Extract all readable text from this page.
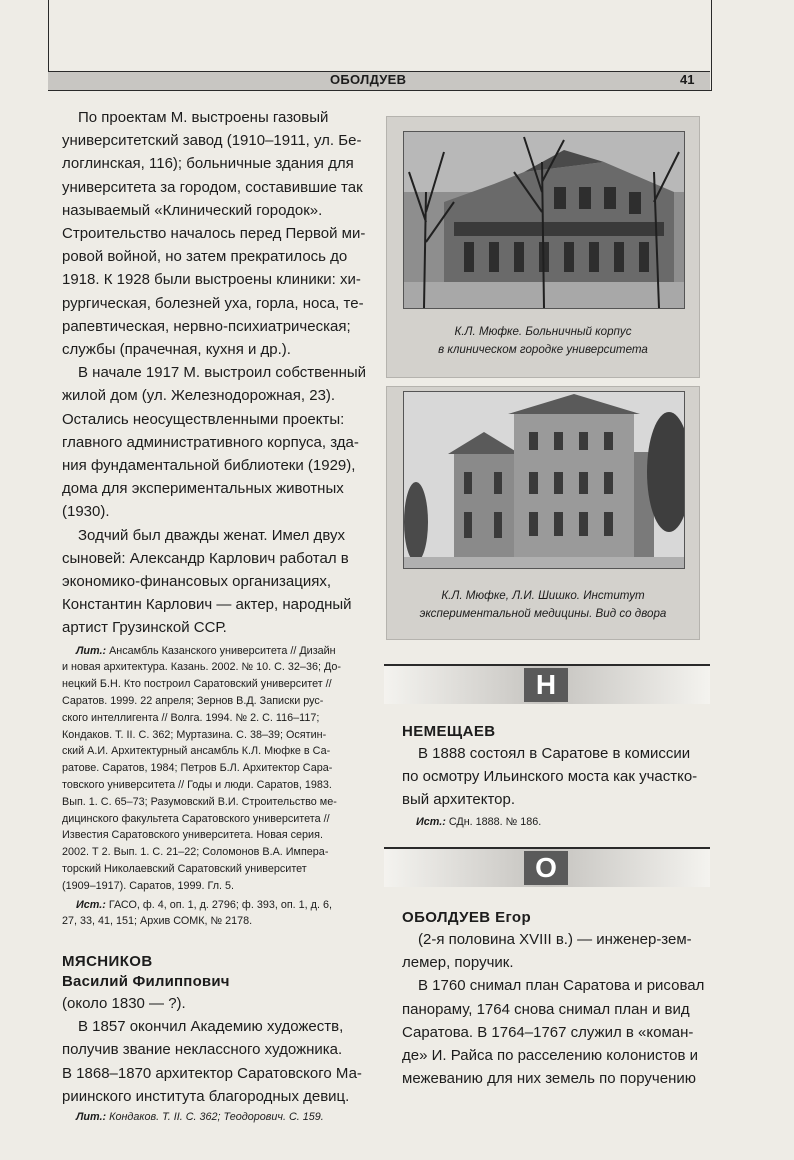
ОБОЛДУЕВ	41

По проектам М. выстроены газовый
университетский завод (1910–1911, ул. Бе-
логлинская, 116); больничные здания для
университета за городом, составившие так
называемый «Клинический городок».
Строительство началось перед Первой ми-
ровой войной, но затем прекратилось до
1918. К 1928 были выстроены клиники: хи-
рургическая, болезней уха, горла, носа, те-
рапевтическая, нервно-психиатрическая;
службы (прачечная, кухня и др.).

В начале 1917 М. выстроил собственный
жилой дом (ул. Железнодорожная, 23).
Остались неосуществленными проекты:
главного административного корпуса, зда-
ния фундаментальной библиотеки (1929),
дома для экспериментальных животных
(1930).

Зодчий был дважды женат. Имел двух
сыновей: Александр Карлович работал в
экономико-финансовых организациях,
Константин Карлович — актер, народный
артист Грузинской ССР.

Лит.: Ансамбль Казанского университета // Дизайн
и новая архитектура. Казань. 2002. № 10. С. 32–36; До-
нецкий Б.Н. Кто построил Саратовский университет //
Саратов. 1999. 22 апреля; Зернов В.Д. Записки рус-
ского интеллигента // Волга. 1994. № 2. С. 116–117;
Кондаков. Т. II. С. 362; Муртазина. С. 38–39; Осятин-
ский А.И. Архитектурный ансамбль К.Л. Мюфке в Са-
ратове. Саратов, 1984; Петров Б.Л. Архитектор Сара-
товского университета // Годы и люди. Саратов, 1983.
Вып. 1. С. 65–73; Разумовский В.И. Строительство ме-
дицинского факультета Саратовского университета //
Известия Саратовского университета. Новая серия.
2002. Т 2. Вып. 1. С. 21–22; Соломонов В.А. Импера-
торский Николаевский Саратовский университет
(1909–1917). Саратов, 1999. Гл. 5.

Ист.: ГАСО, ф. 4, оп. 1, д. 2796; ф. 393, оп. 1, д. 6,
27, 33, 41, 151; Архив СОМК, № 2178.

МЯСНИКОВ

Василий Филиппович

(около 1830 — ?).

В 1857 окончил Академию художеств,
получив звание неклассного художника.
В 1868–1870 архитектор Саратовского Ма-
риинского института благородных девиц.

Лит.: Кондаков. Т. II. С. 362; Теодорович. С. 159.

К.Л. Мюфке. Больничный корпус
в клиническом городке университета
К.Л. Мюфке, Л.И. Шишко. Институт
экспериментальной медицины. Вид со двора
Н

НЕМЕЩАЕВ

В 1888 состоял в Саратове в комиссии
по осмотру Ильинского моста как участко-
вый архитектор.

Ист.: СДн. 1888. № 186.

О

ОБОЛДУЕВ Егор

(2-я половина XVIII в.) — инженер-зем-
лемер, поручик.

В 1760 снимал план Саратова и рисовал
панораму, 1764 снова снимал план и вид
Саратова. В 1764–1767 служил в «коман-
де» И. Райса по расселению колонистов и
межеванию для них земель по поручению
